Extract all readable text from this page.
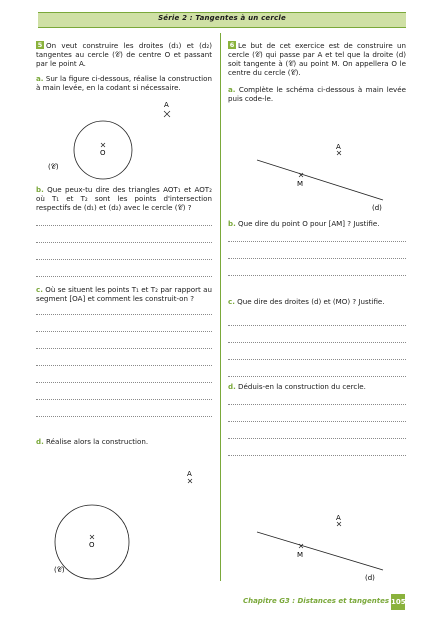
Série 2 : Tangentes à un cercle
5 On veut construire les droites (d₁) et (d₂) tangentes au cercle (𝒞) de centre O et passant par le point A.
a. Sur la figure ci-dessous, réalise la construction à main levée, en la codant si nécessaire.
O
A
(𝒞)
b. Que peux-tu dire des triangles AOT₁ et AOT₂ où T₁ et T₂ sont les points d'intersection respectifs de (d₁) et (d₂) avec le cercle (𝒞) ?
c. Où se situent les points T₁ et T₂ par rapport au segment [OA] et comment les construit-on ?
d. Réalise alors la construction.
O
A
(𝒞)
6 Le but de cet exercice est de construire un cercle (𝒞) qui passe par A et tel que la droite (d) soit tangente à (𝒞) au point M. On appellera O le centre du cercle (𝒞).
a. Complète le schéma ci-dessous à main levée puis code-le.
A
M
(d)
b. Que dire du point O pour [AM] ? Justifie.
c. Que dire des droites (d) et (MO) ? Justifie.
d. Déduis-en la construction du cercle.
A
M
(d)
Chapitre G3 : Distances et tangentes 105
